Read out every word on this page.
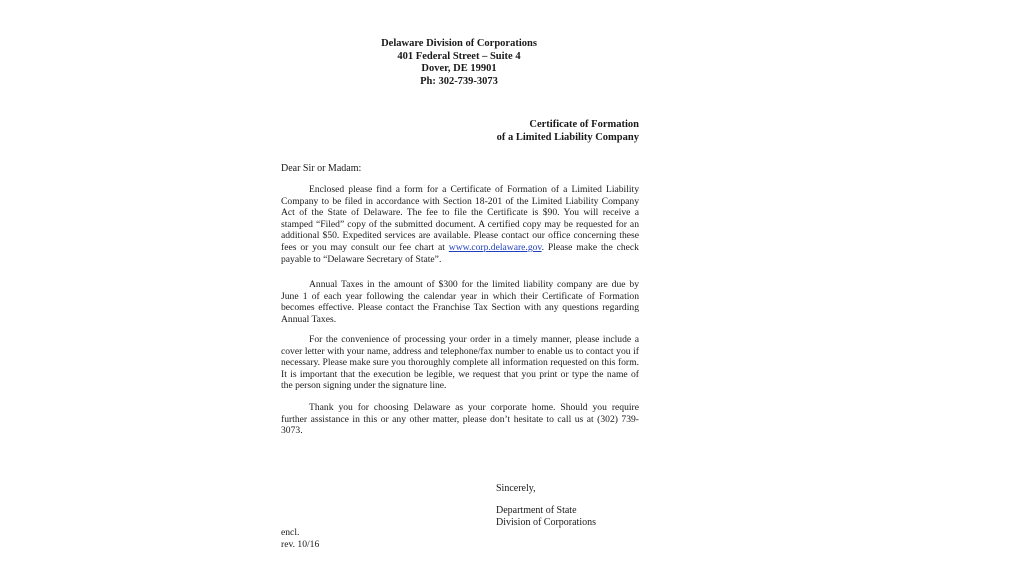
Delaware Division of Corporations
401 Federal Street – Suite 4
Dover, DE 19901
Ph: 302-739-3073
Certificate of Formation
of a Limited Liability Company
Dear Sir or Madam:
Enclosed please find a form for a Certificate of Formation of a Limited Liability
Company to be filed in accordance with Section 18-201 of the Limited Liability Company
Act of the State of Delaware. The fee to file the Certificate is $90. You will receive a
stamped “Filed” copy of the submitted document. A certified copy may be requested for an
additional $50. Expedited services are available. Please contact our office concerning these
fees or you may consult our fee chart at www.corp.delaware.gov. Please make the check
payable to “Delaware Secretary of State”.
Annual Taxes in the amount of $300 for the limited liability company are due by
June 1 of each year following the calendar year in which their Certificate of Formation
becomes effective. Please contact the Franchise Tax Section with any questions regarding
Annual Taxes.
For the convenience of processing your order in a timely manner, please include a
cover letter with your name, address and telephone/fax number to enable us to contact you if
necessary. Please make sure you thoroughly complete all information requested on this form.
It is important that the execution be legible, we request that you print or type the name of
the person signing under the signature line.
Thank you for choosing Delaware as your corporate home. Should you require
further assistance in this or any other matter, please don’t hesitate to call us at (302) 739-
3073.
Sincerely,
Department of State
Division of Corporations
encl.
rev. 10/16
